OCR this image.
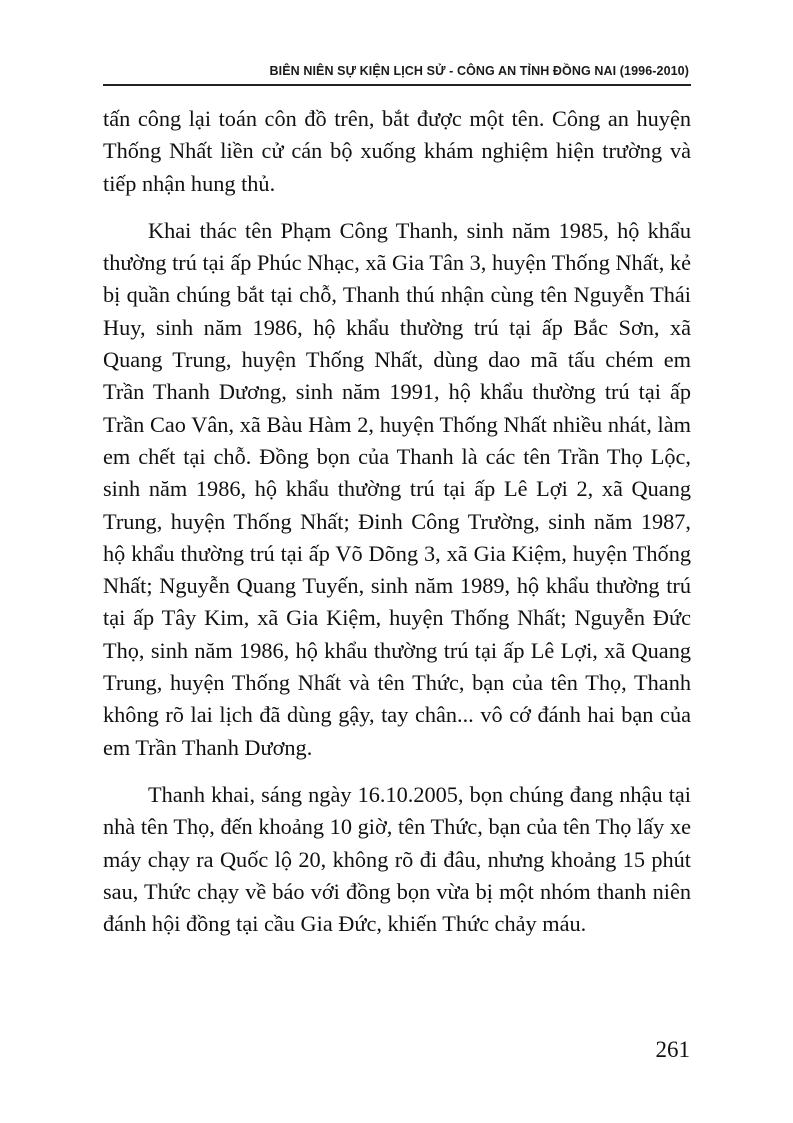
BIÊN NIÊN SỰ KIỆN LỊCH SỬ - CÔNG AN TỈNH ĐỒNG NAI (1996-2010)

tấn công lại toán côn đồ trên, bắt được một tên. Công an huyện Thống Nhất liền cử cán bộ xuống khám nghiệm hiện trường và tiếp nhận hung thủ.

Khai thác tên Phạm Công Thanh, sinh năm 1985, hộ khẩu thường trú tại ấp Phúc Nhạc, xã Gia Tân 3, huyện Thống Nhất, kẻ bị quần chúng bắt tại chỗ, Thanh thú nhận cùng tên Nguyễn Thái Huy, sinh năm 1986, hộ khẩu thường trú tại ấp Bắc Sơn, xã Quang Trung, huyện Thống Nhất, dùng dao mã tấu chém em Trần Thanh Dương, sinh năm 1991, hộ khẩu thường trú tại ấp Trần Cao Vân, xã Bàu Hàm 2, huyện Thống Nhất nhiều nhát, làm em chết tại chỗ. Đồng bọn của Thanh là các tên Trần Thọ Lộc, sinh năm 1986, hộ khẩu thường trú tại ấp Lê Lợi 2, xã Quang Trung, huyện Thống Nhất; Đinh Công Trường, sinh năm 1987, hộ khẩu thường trú tại ấp Võ Dõng 3, xã Gia Kiệm, huyện Thống Nhất; Nguyễn Quang Tuyến, sinh năm 1989, hộ khẩu thường trú tại ấp Tây Kim, xã Gia Kiệm, huyện Thống Nhất; Nguyễn Đức Thọ, sinh năm 1986, hộ khẩu thường trú tại ấp Lê Lợi, xã Quang Trung, huyện Thống Nhất và tên Thức, bạn của tên Thọ, Thanh không rõ lai lịch đã dùng gậy, tay chân... vô cớ đánh hai bạn của em Trần Thanh Dương.

Thanh khai, sáng ngày 16.10.2005, bọn chúng đang nhậu tại nhà tên Thọ, đến khoảng 10 giờ, tên Thức, bạn của tên Thọ lấy xe máy chạy ra Quốc lộ 20, không rõ đi đâu, nhưng khoảng 15 phút sau, Thức chạy về báo với đồng bọn vừa bị một nhóm thanh niên đánh hội đồng tại cầu Gia Đức, khiến Thức chảy máu.

261
